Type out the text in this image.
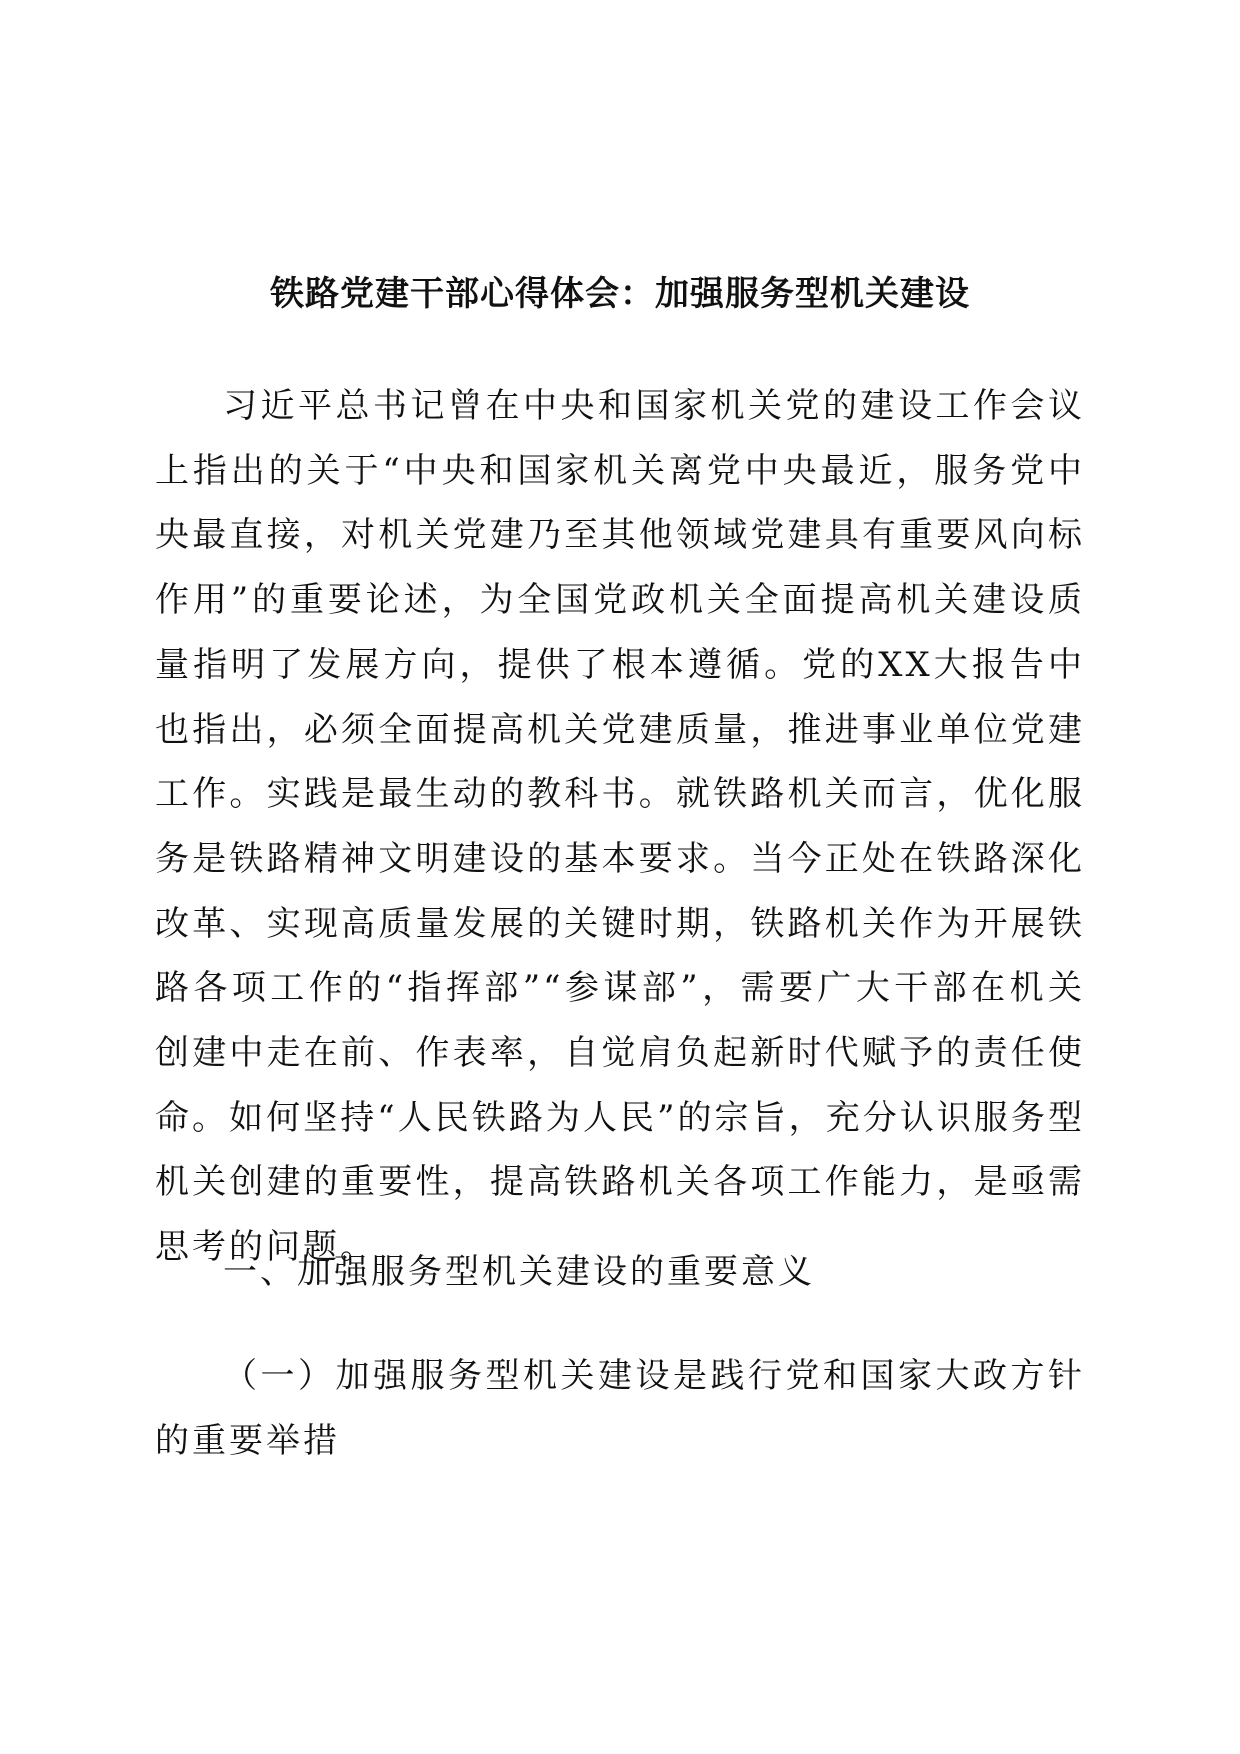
铁路党建干部心得体会：加强服务型机关建设

习近平总书记曾在中央和国家机关党的建设工作会议上指出的关于“中央和国家机关离党中央最近，服务党中央最直接，对机关党建乃至其他领域党建具有重要风向标作用”的重要论述，为全国党政机关全面提高机关建设质量指明了发展方向，提供了根本遵循。党的XX大报告中也指出，必须全面提高机关党建质量，推进事业单位党建工作。实践是最生动的教科书。就铁路机关而言，优化服务是铁路精神文明建设的基本要求。当今正处在铁路深化改革、实现高质量发展的关键时期，铁路机关作为开展铁路各项工作的“指挥部”“参谋部”，需要广大干部在机关创建中走在前、作表率，自觉肩负起新时代赋予的责任使命。如何坚持“人民铁路为人民”的宗旨，充分认识服务型机关创建的重要性，提高铁路机关各项工作能力，是亟需思考的问题。

一、加强服务型机关建设的重要意义

（一）加强服务型机关建设是践行党和国家大政方针的重要举措
